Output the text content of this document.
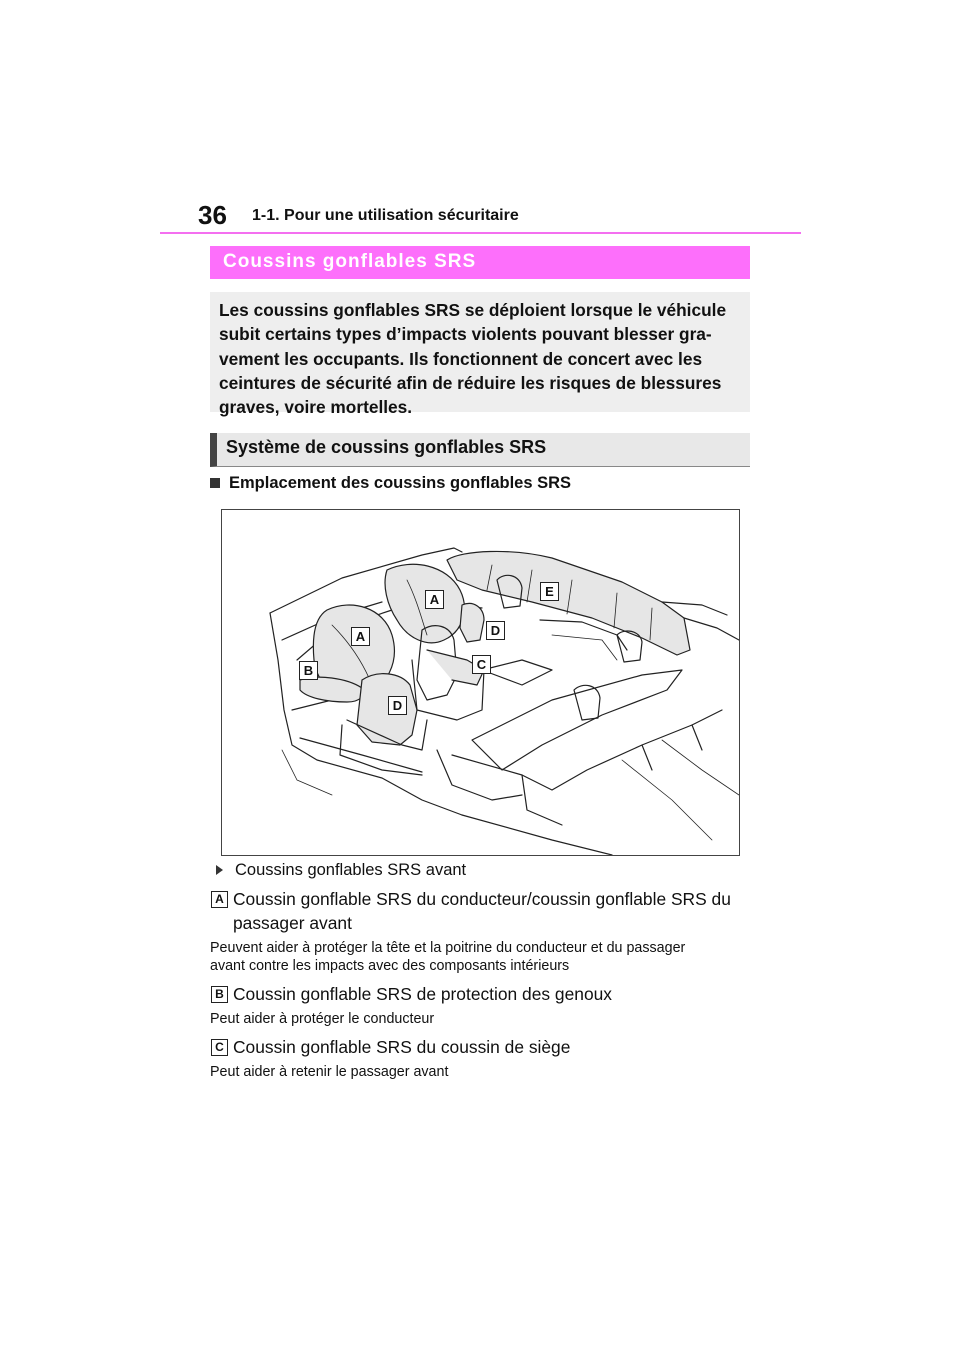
36 1-1. Pour une utilisation sécuritaire
Coussins gonflables SRS
Les coussins gonflables SRS se déploient lorsque le véhicule
subit certains types d’impacts violents pouvant blesser gra-
vement les occupants. Ils fonctionnent de concert avec les
ceintures de sécurité afin de réduire les risques de blessures
graves, voire mortelles.
Système de coussins gonflables SRS
Emplacement des coussins gonflables SRS
A
A
B	C
D
D
E
Coussins gonflables SRS avant
A Coussin gonflable SRS du conducteur/coussin gonflable SRS du
passager avant
Peuvent aider à protéger la tête et la poitrine du conducteur et du passager
avant contre les impacts avec des composants intérieurs
B Coussin gonflable SRS de protection des genoux
Peut aider à protéger le conducteur
C Coussin gonflable SRS du coussin de siège
Peut aider à retenir le passager avant
